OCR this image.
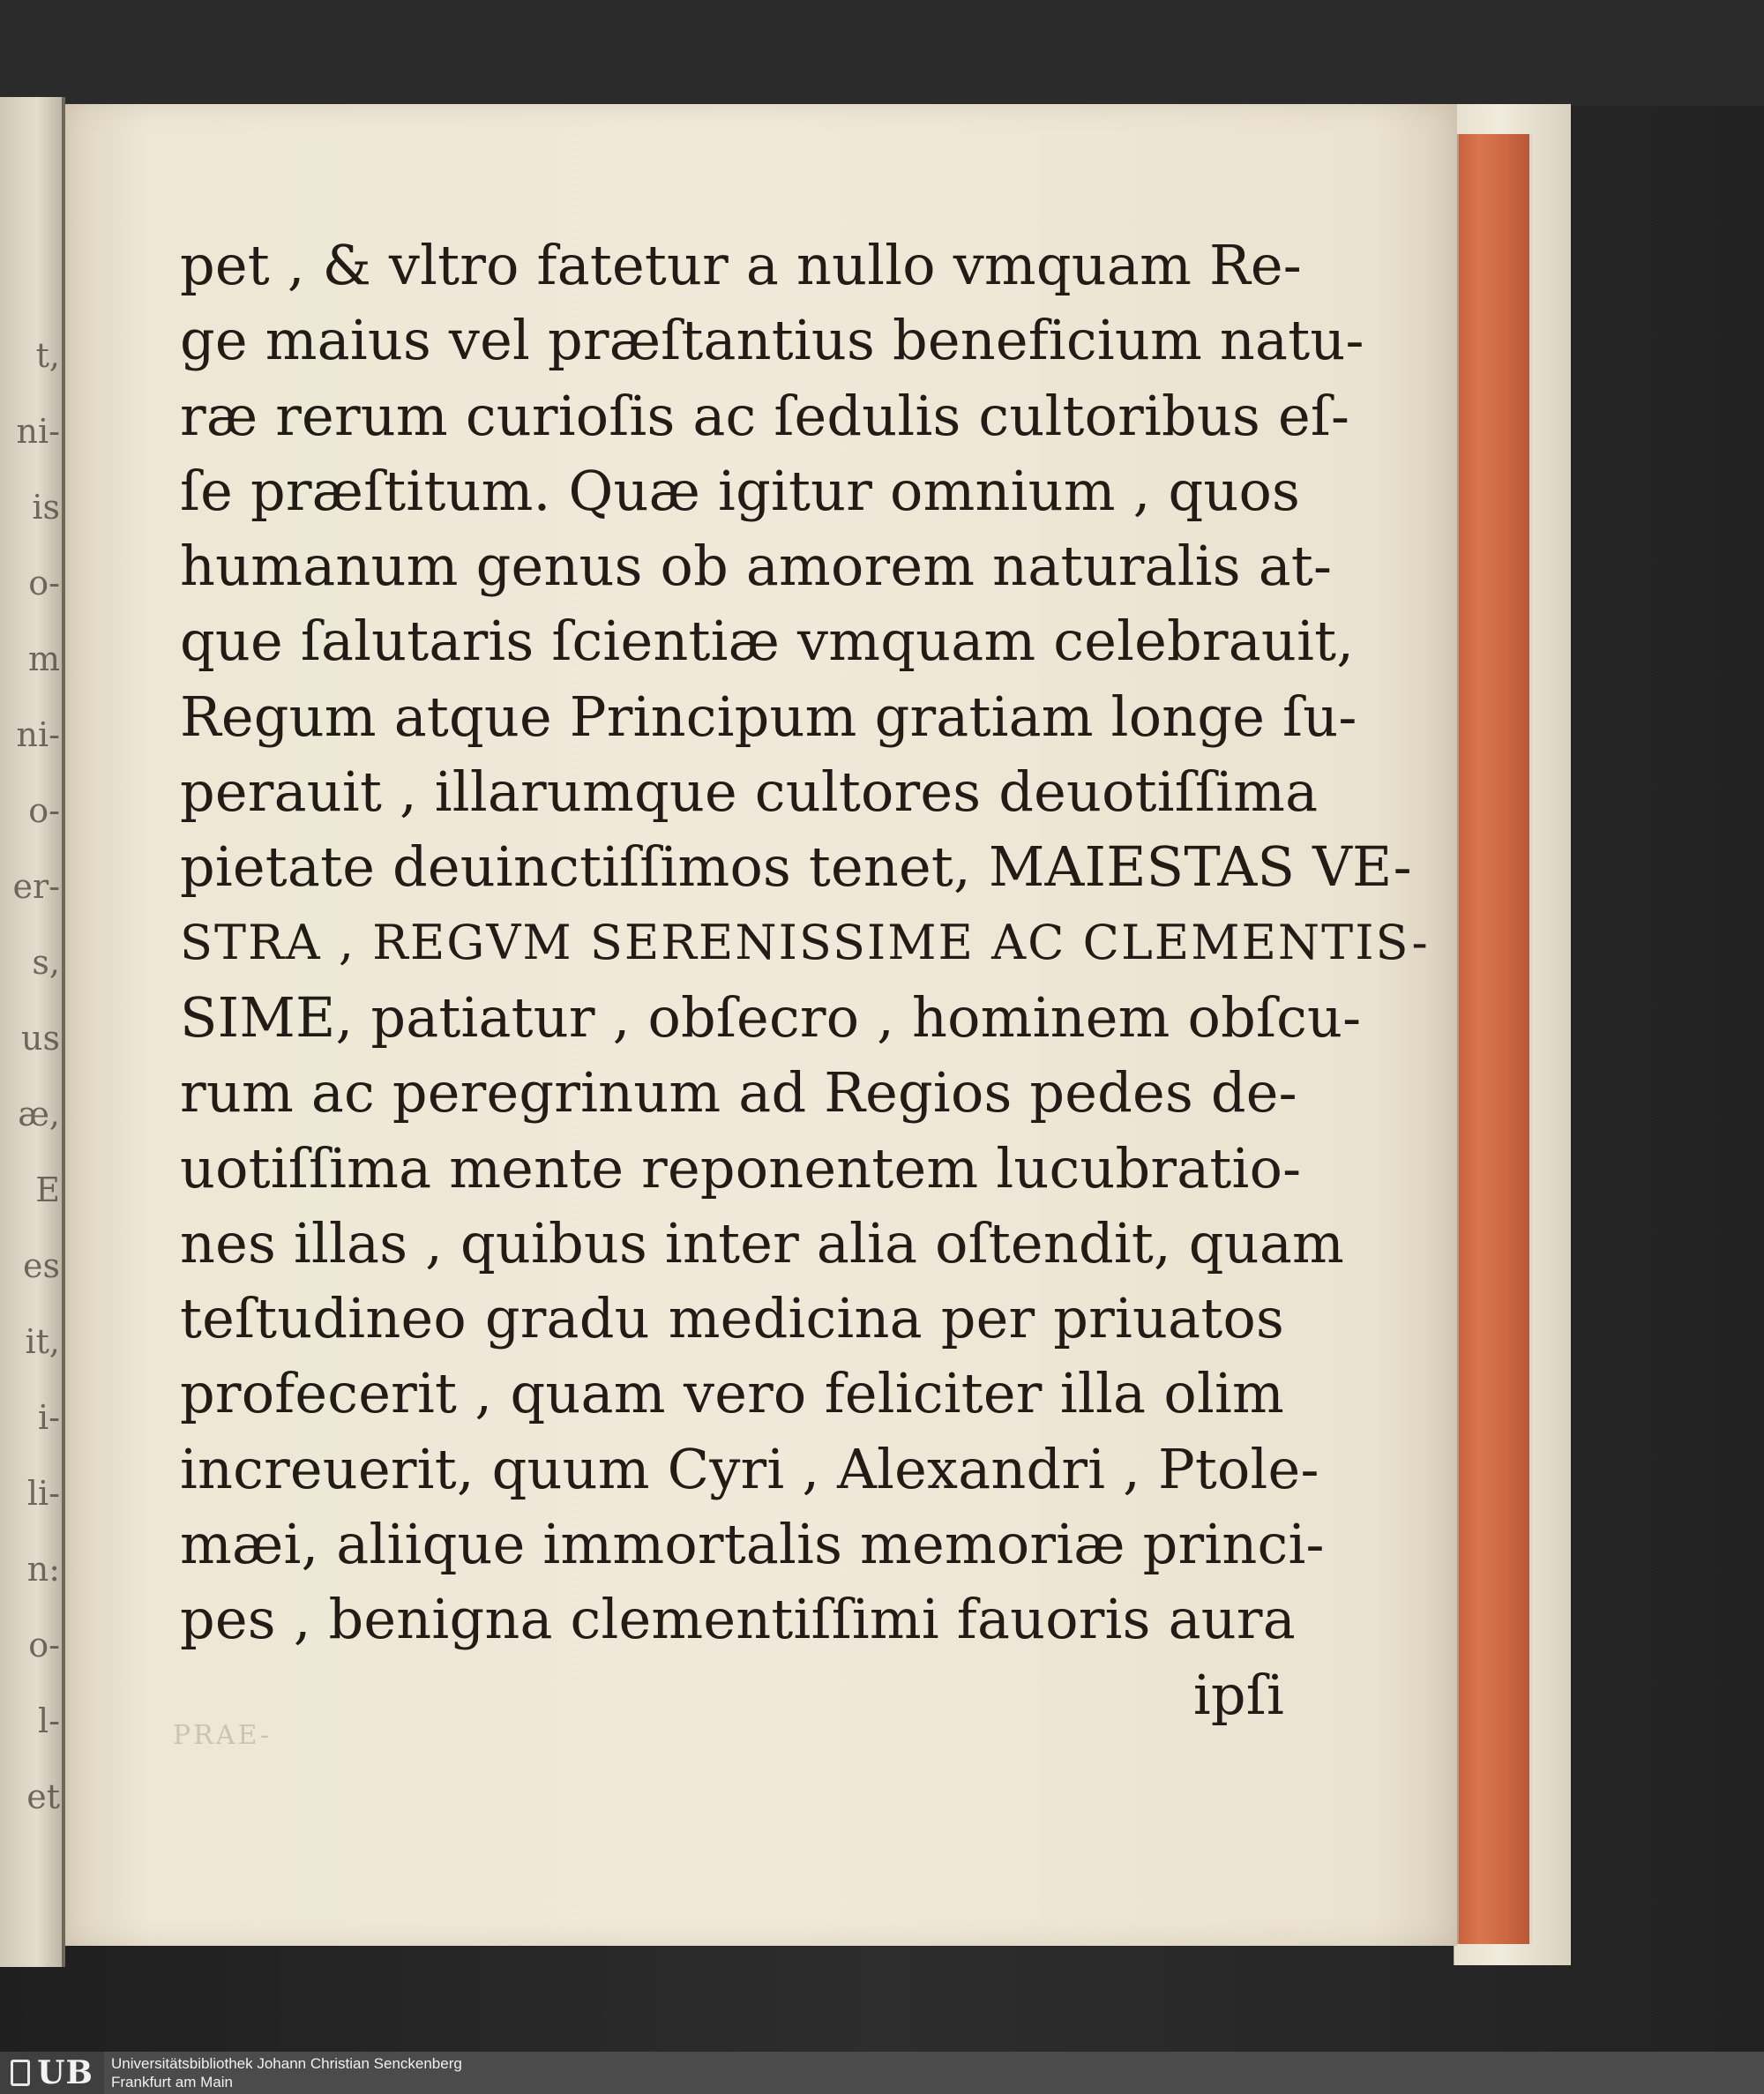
t,
ni-
is
o-
m
ni-
o-
er-
s,
us
æ,
E
es
it,
i-
li-
n:
o-
l-
et
pet , & vltro fatetur a nullo vmquam Re-
ge maius vel præſtantius beneficium natu-
ræ rerum curioſis ac ſedulis cultoribus eſ-
ſe præſtitum. Quæ igitur omnium , quos
humanum genus ob amorem naturalis at-
que ſalutaris ſcientiæ vmquam celebrauit,
Regum atque Principum gratiam longe ſu-
perauit , illarumque cultores deuotiſſima
pietate deuinctiſſimos tenet, MAIESTAS VE-
STRA , REGVM SERENISSIME AC CLEMENTIS-
SIME, patiatur , obſecro , hominem obſcu-
rum ac peregrinum ad Regios pedes de-
uotiſſima mente reponentem lucubratio-
nes illas , quibus inter alia oſtendit, quam
teſtudineo gradu medicina per priuatos
profecerit , quam vero feliciter illa olim
increuerit, quum Cyri , Alexandri , Ptole-
mæi, aliique immortalis memoriæ princi-
pes , benigna clementiſſimi fauoris aura
ipſi
PRAE-
UB Universitätsbibliothek Johann Christian Senckenberg
Frankfurt am Main
